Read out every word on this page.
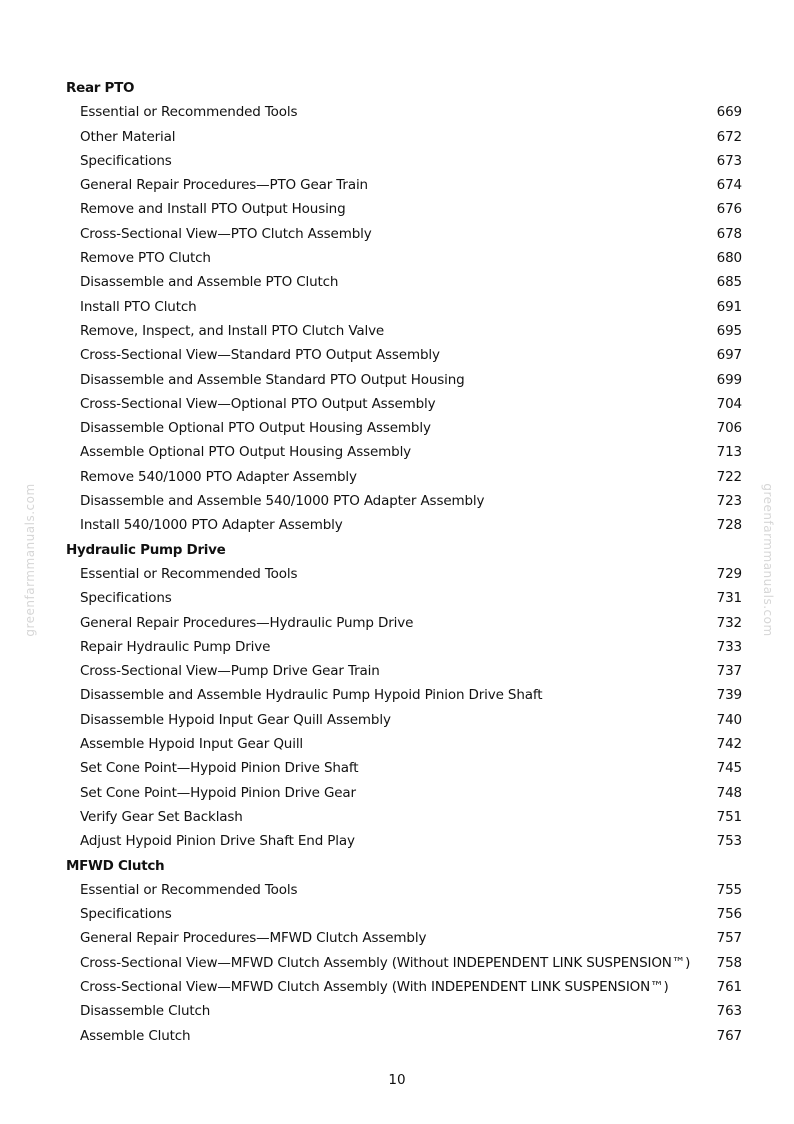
greenfarmmanuals.com	greenfarmmanuals.com
Rear PTO
Essential or Recommended Tools	669
Other Material	672
Specifications	673
General Repair Procedures—PTO Gear Train	674
Remove and Install PTO Output Housing	676
Cross-Sectional View—PTO Clutch Assembly	678
Remove PTO Clutch	680
Disassemble and Assemble PTO Clutch	685
Install PTO Clutch	691
Remove, Inspect, and Install PTO Clutch Valve	695
Cross-Sectional View—Standard PTO Output Assembly	697
Disassemble and Assemble Standard PTO Output Housing	699
Cross-Sectional View—Optional PTO Output Assembly	704
Disassemble Optional PTO Output Housing Assembly	706
Assemble Optional PTO Output Housing Assembly	713
Remove 540/1000 PTO Adapter Assembly	722
Disassemble and Assemble 540/1000 PTO Adapter Assembly	723
Install 540/1000 PTO Adapter Assembly	728
Hydraulic Pump Drive
Essential or Recommended Tools	729
Specifications	731
General Repair Procedures—Hydraulic Pump Drive	732
Repair Hydraulic Pump Drive	733
Cross-Sectional View—Pump Drive Gear Train	737
Disassemble and Assemble Hydraulic Pump Hypoid Pinion Drive Shaft	739
Disassemble Hypoid Input Gear Quill Assembly	740
Assemble Hypoid Input Gear Quill	742
Set Cone Point—Hypoid Pinion Drive Shaft	745
Set Cone Point—Hypoid Pinion Drive Gear	748
Verify Gear Set Backlash	751
Adjust Hypoid Pinion Drive Shaft End Play	753
MFWD Clutch
Essential or Recommended Tools	755
Specifications	756
General Repair Procedures—MFWD Clutch Assembly	757
Cross-Sectional View—MFWD Clutch Assembly (Without INDEPENDENT LINK SUSPENSION™) 758
Cross-Sectional View—MFWD Clutch Assembly (With INDEPENDENT LINK SUSPENSION™)	761
Disassemble Clutch	763
Assemble Clutch	767
10
